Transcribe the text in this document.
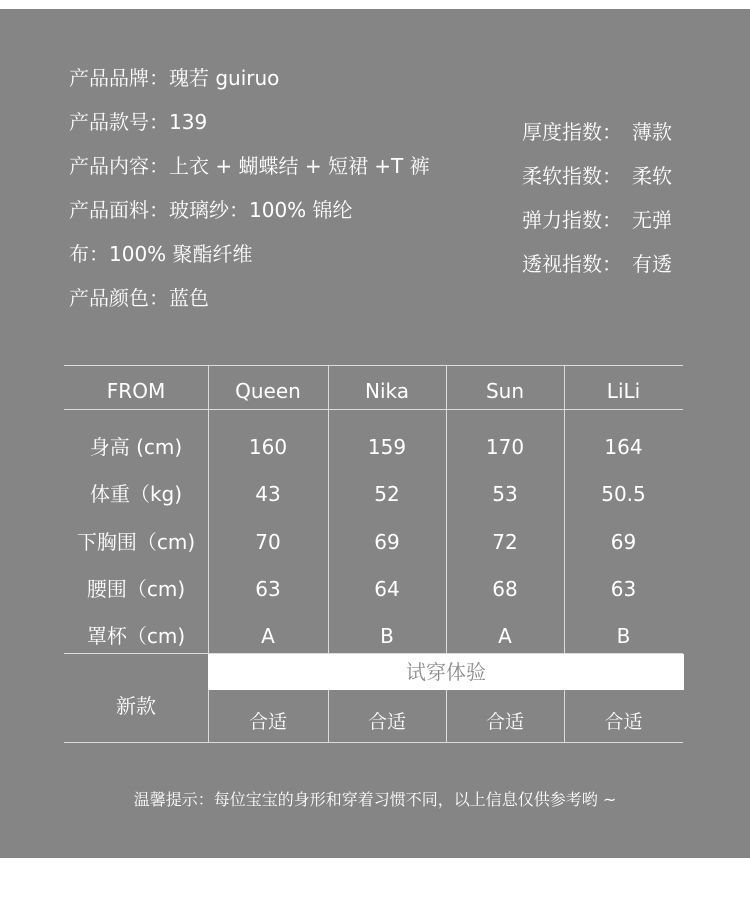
产品品牌：瑰若 guiruo
产品款号：139
产品内容：上衣 + 蝴蝶结 + 短裙 +T 裤
产品面料：玻璃纱：100% 锦纶
布：100% 聚酯纤维
产品颜色：蓝色
厚度指数： 薄款
柔软指数： 柔软
弹力指数： 无弹
透视指数： 有透
FROM	Queen	Nika	Sun	LiLi
身高 (cm)	160	159	170	164
体重（kg)	43	52	53	50.5
下胸围（cm)	70	69	72	69
腰围（cm)	63	64	68	63
罩杯（cm)	A	B	A	B
新款
试穿体验
合适	合适	合适	合适
温馨提示：每位宝宝的身形和穿着习惯不同，以上信息仅供参考哟 ~
